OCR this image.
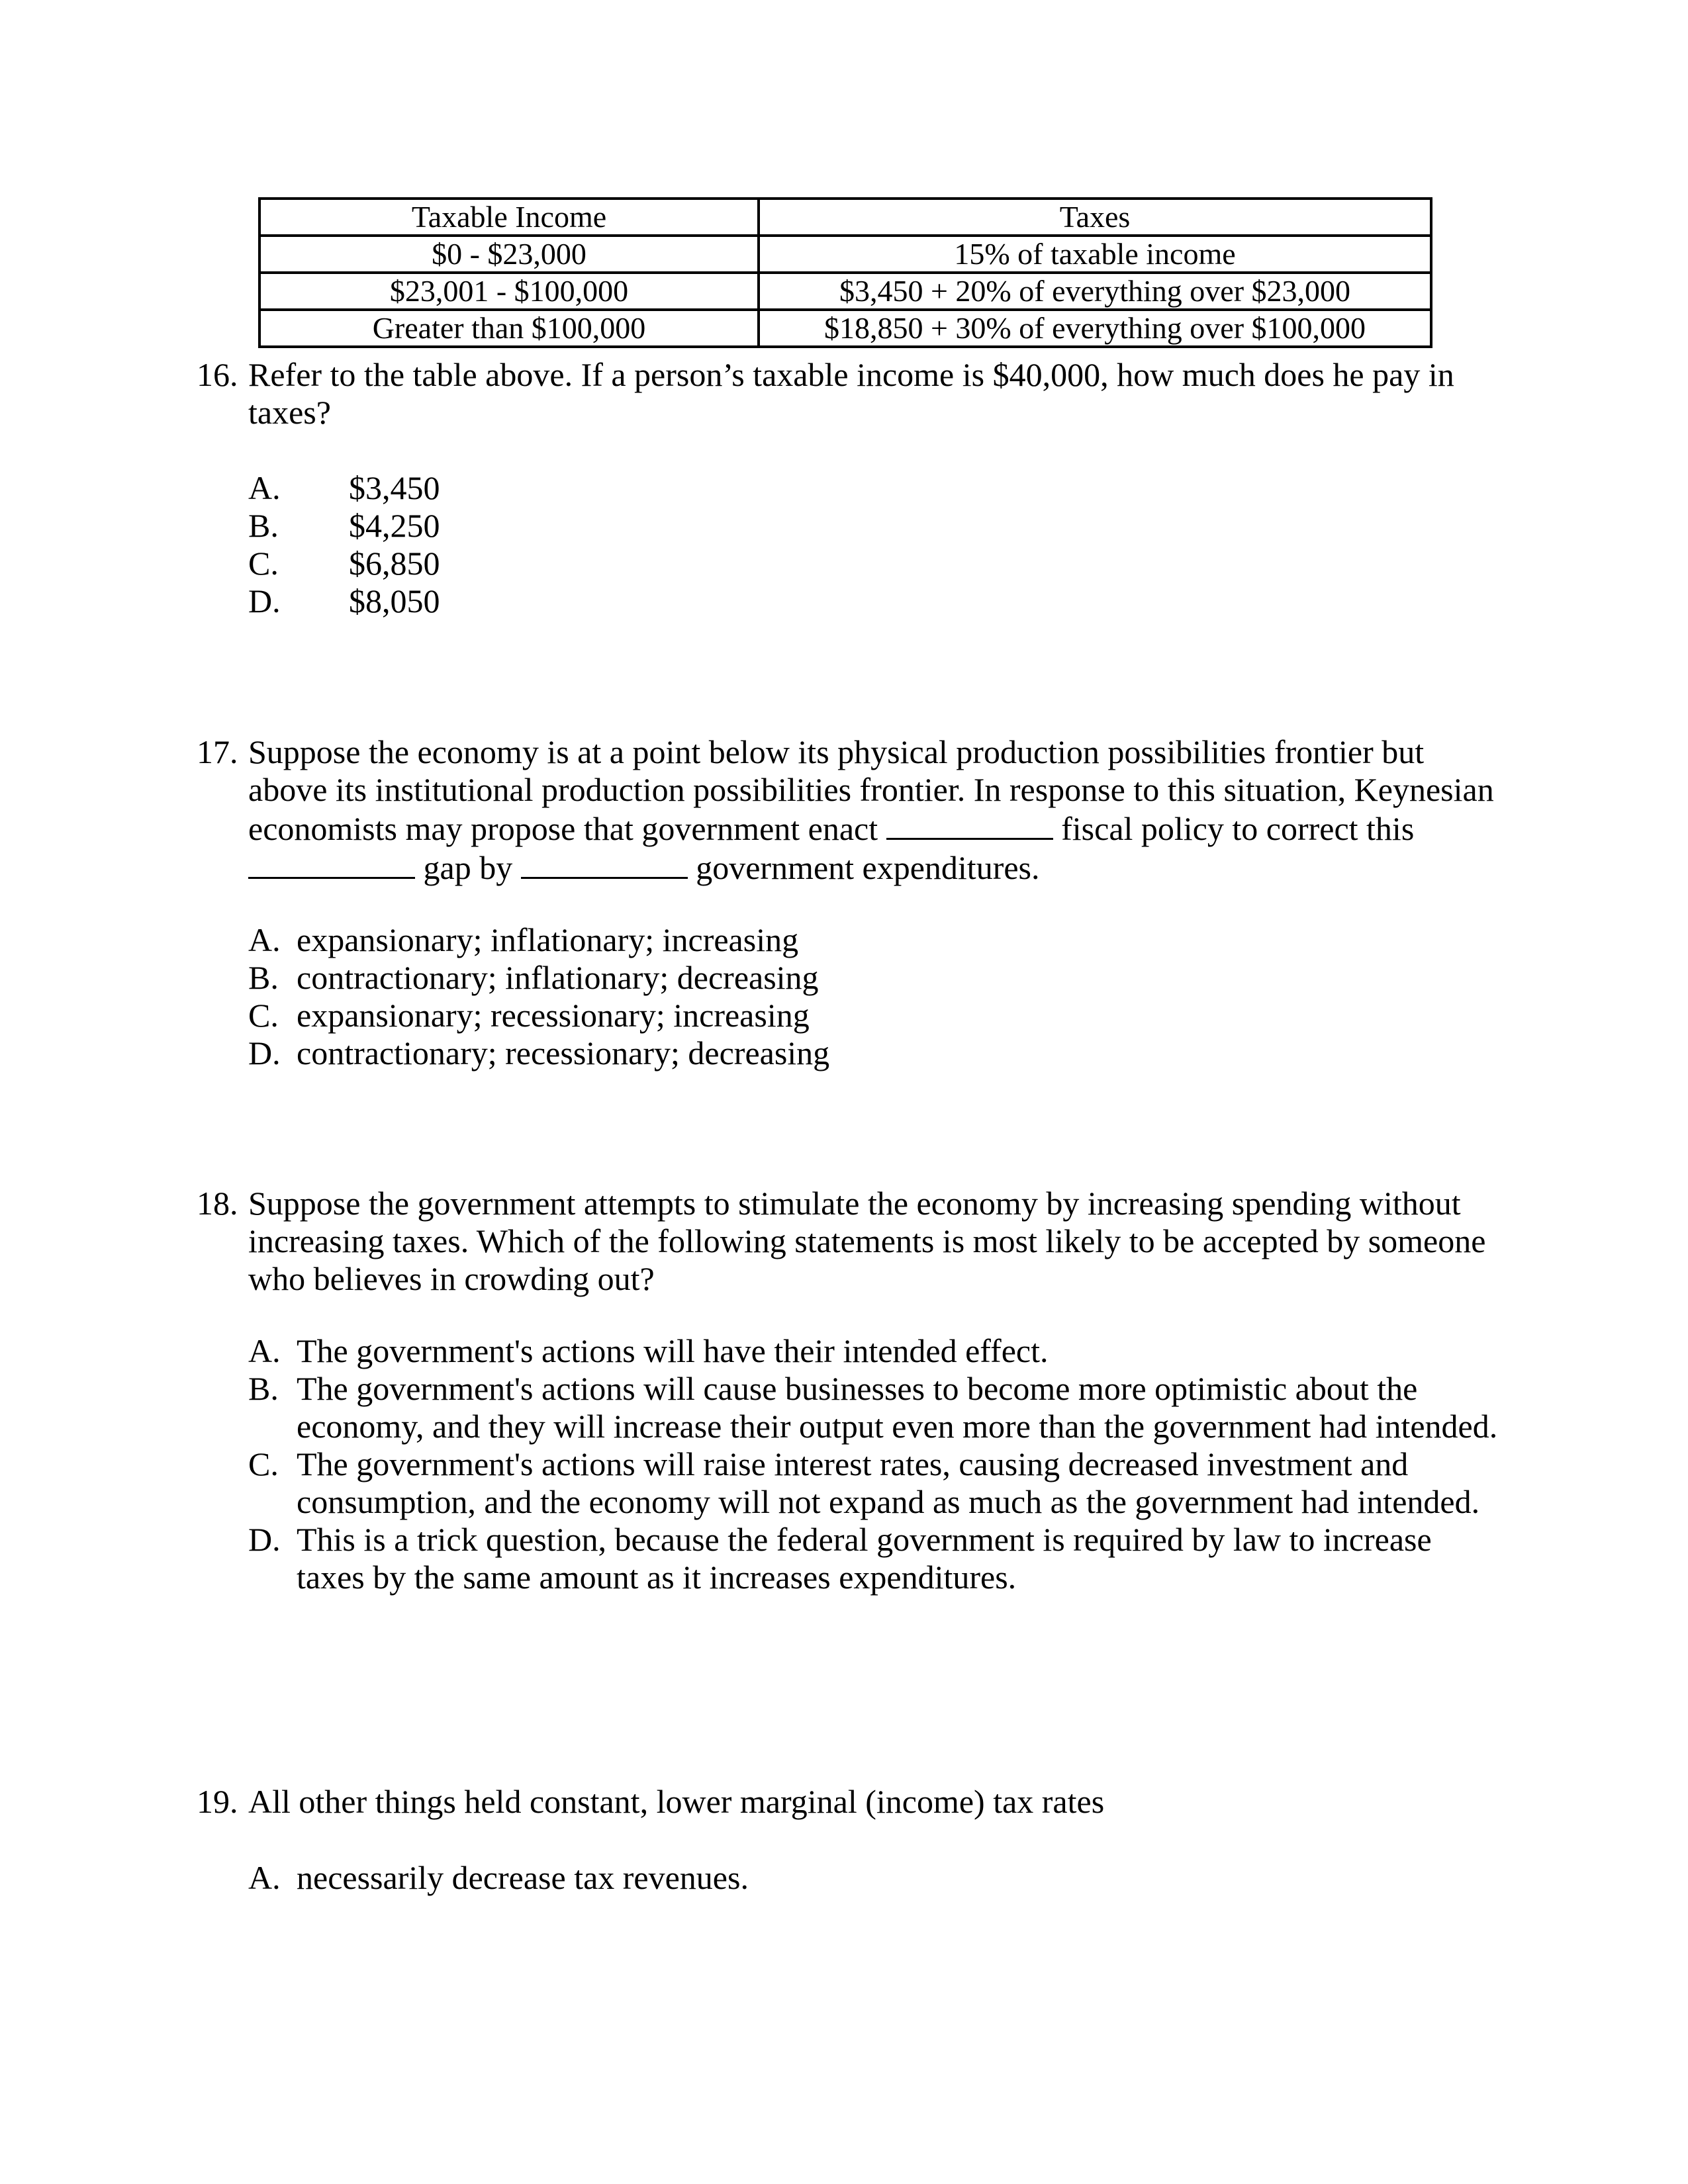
Taxable Income	Taxes
$0 - $23,000	15% of taxable income
$23,001 - $100,000	$3,450 + 20% of everything over $23,000
Greater than $100,000	$18,850 + 30% of everything over $100,000
16. Refer to the table above. If a person’s taxable income is $40,000, how much does he pay in taxes?
A. $3,450
B. $4,250
C. $6,850
D. $8,050
17. Suppose the economy is at a point below its physical production possibilities frontier but above its institutional production possibilities frontier. In response to this situation, Keynesian economists may propose that government enact	fiscal policy to correct this  gap by	government expenditures.
A. expansionary; inflationary; increasing
B. contractionary; inflationary; decreasing
C. expansionary; recessionary; increasing
D. contractionary; recessionary; decreasing
18. Suppose the government attempts to stimulate the economy by increasing spending without increasing taxes. Which of the following statements is most likely to be accepted by someone who believes in crowding out?
A. The government's actions will have their intended effect.
B. The government's actions will cause businesses to become more optimistic about the economy, and they will increase their output even more than the government had intended.
C. The government's actions will raise interest rates, causing decreased investment and consumption, and the economy will not expand as much as the government had intended.
D. This is a trick question, because the federal government is required by law to increase taxes by the same amount as it increases expenditures.
19. All other things held constant, lower marginal (income) tax rates
A. necessarily decrease tax revenues.
